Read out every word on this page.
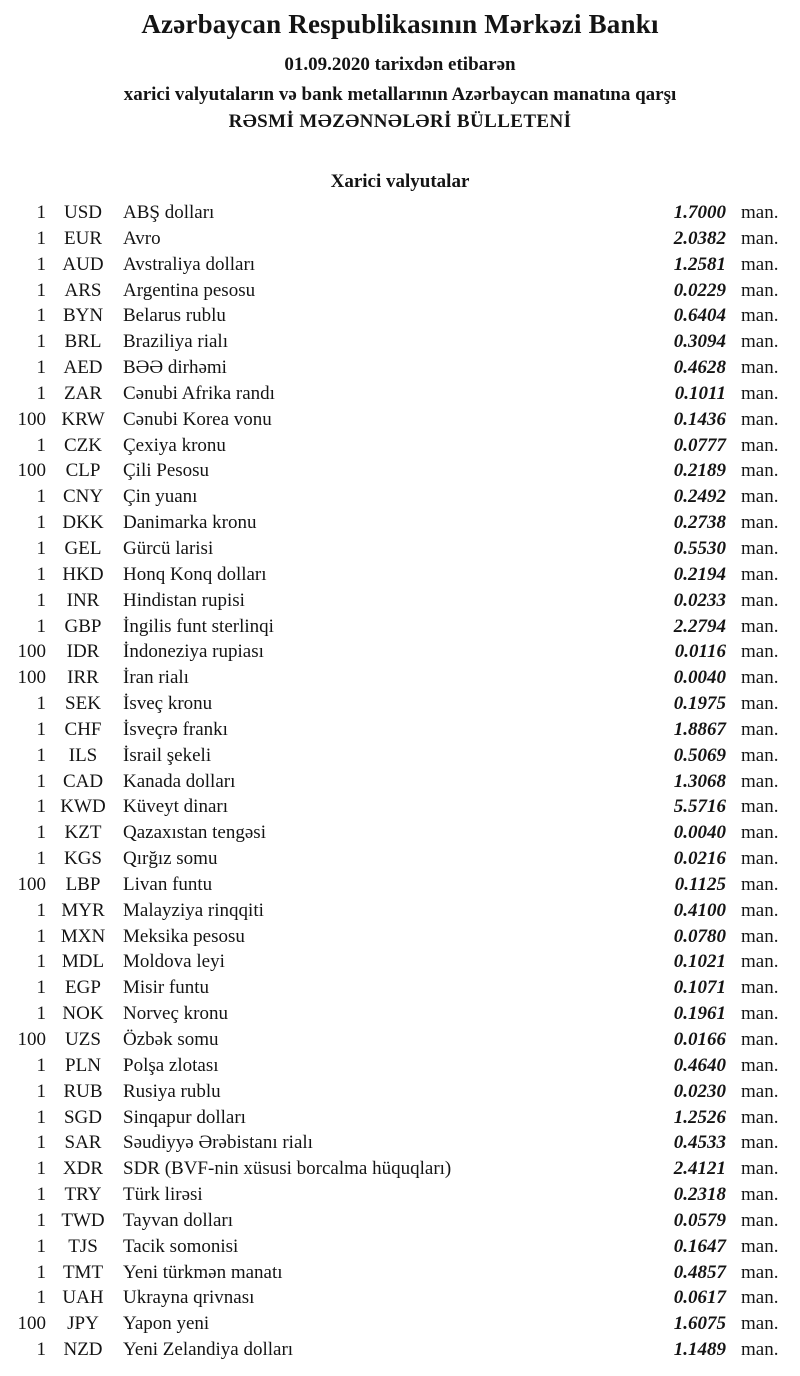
Azərbaycan Respublikasının Mərkəzi Bankı
01.09.2020 tarixdən etibarən
xarici valyutaların və bank metallarının Azərbaycan manatına qarşı
RƏSMİ MƏZƏNNƏLƏRİ BÜLLETENİ
Xarici valyutalar
1 USD	ABŞ dolları	1.7000 man.
1 EUR	Avro	2.0382 man.
1 AUD	Avstraliya dolları	1.2581 man.
1 ARS	Argentina pesosu	0.0229 man.
1 BYN	Belarus rublu	0.6404 man.
1 BRL	Braziliya rialı	0.3094 man.
1 AED	BƏƏ dirhəmi	0.4628 man.
1 ZAR	Cənubi Afrika randı	0.1011 man.
100 KRW Cənubi Korea vonu	0.1436 man.
1 CZK	Çexiya kronu	0.0777 man.
100	CLP	Çili Pesosu	0.2189 man.
1 CNY	Çin yuanı	0.2492 man.
1 DKK	Danimarka kronu	0.2738 man.
1 GEL	Gürcü larisi	0.5530 man.
1 HKD	Honq Konq dolları	0.2194 man.
1	INR	Hindistan rupisi	0.0233 man.
1 GBP	İngilis funt sterlinqi	2.2794 man.
100	IDR	İndoneziya rupiası	0.0116 man.
100	IRR	İran rialı	0.0040 man.
1	SEK	İsveç kronu	0.1975 man.
1 CHF	İsveçrə frankı	1.8867 man.
1	ILS	İsrail şekeli	0.5069 man.
1 CAD	Kanada dolları	1.3068 man.
1 KWD Küveyt dinarı	5.5716 man.
1 KZT	Qazaxıstan tengəsi	0.0040 man.
1 KGS	Qırğız somu	0.0216 man.
100	LBP	Livan funtu	0.1125 man.
1 MYR Malayziya rinqqiti	0.4100 man.
1 MXN Meksika pesosu	0.0780 man.
1 MDL Moldova leyi	0.1021 man.
1	EGP	Misir funtu	0.1071 man.
1 NOK	Norveç kronu	0.1961 man.
100	UZS	Özbək somu	0.0166 man.
1	PLN	Polşa zlotası	0.4640 man.
1 RUB	Rusiya rublu	0.0230 man.
1 SGD	Sinqapur dolları	1.2526 man.
1 SAR	Səudiyyə Ərəbistanı rialı	0.4533 man.
1 XDR	SDR (BVF-nin xüsusi borcalma hüquqları)	2.4121 man.
1 TRY	Türk lirəsi	0.2318 man.
1 TWD Tayvan dolları	0.0579 man.
1	TJS	Tacik somonisi	0.1647 man.
1 TMT	Yeni türkmən manatı	0.4857 man.
1 UAH	Ukrayna qrivnası	0.0617 man.
100	JPY	Yapon yeni	1.6075 man.
1 NZD	Yeni Zelandiya dolları	1.1489 man.
